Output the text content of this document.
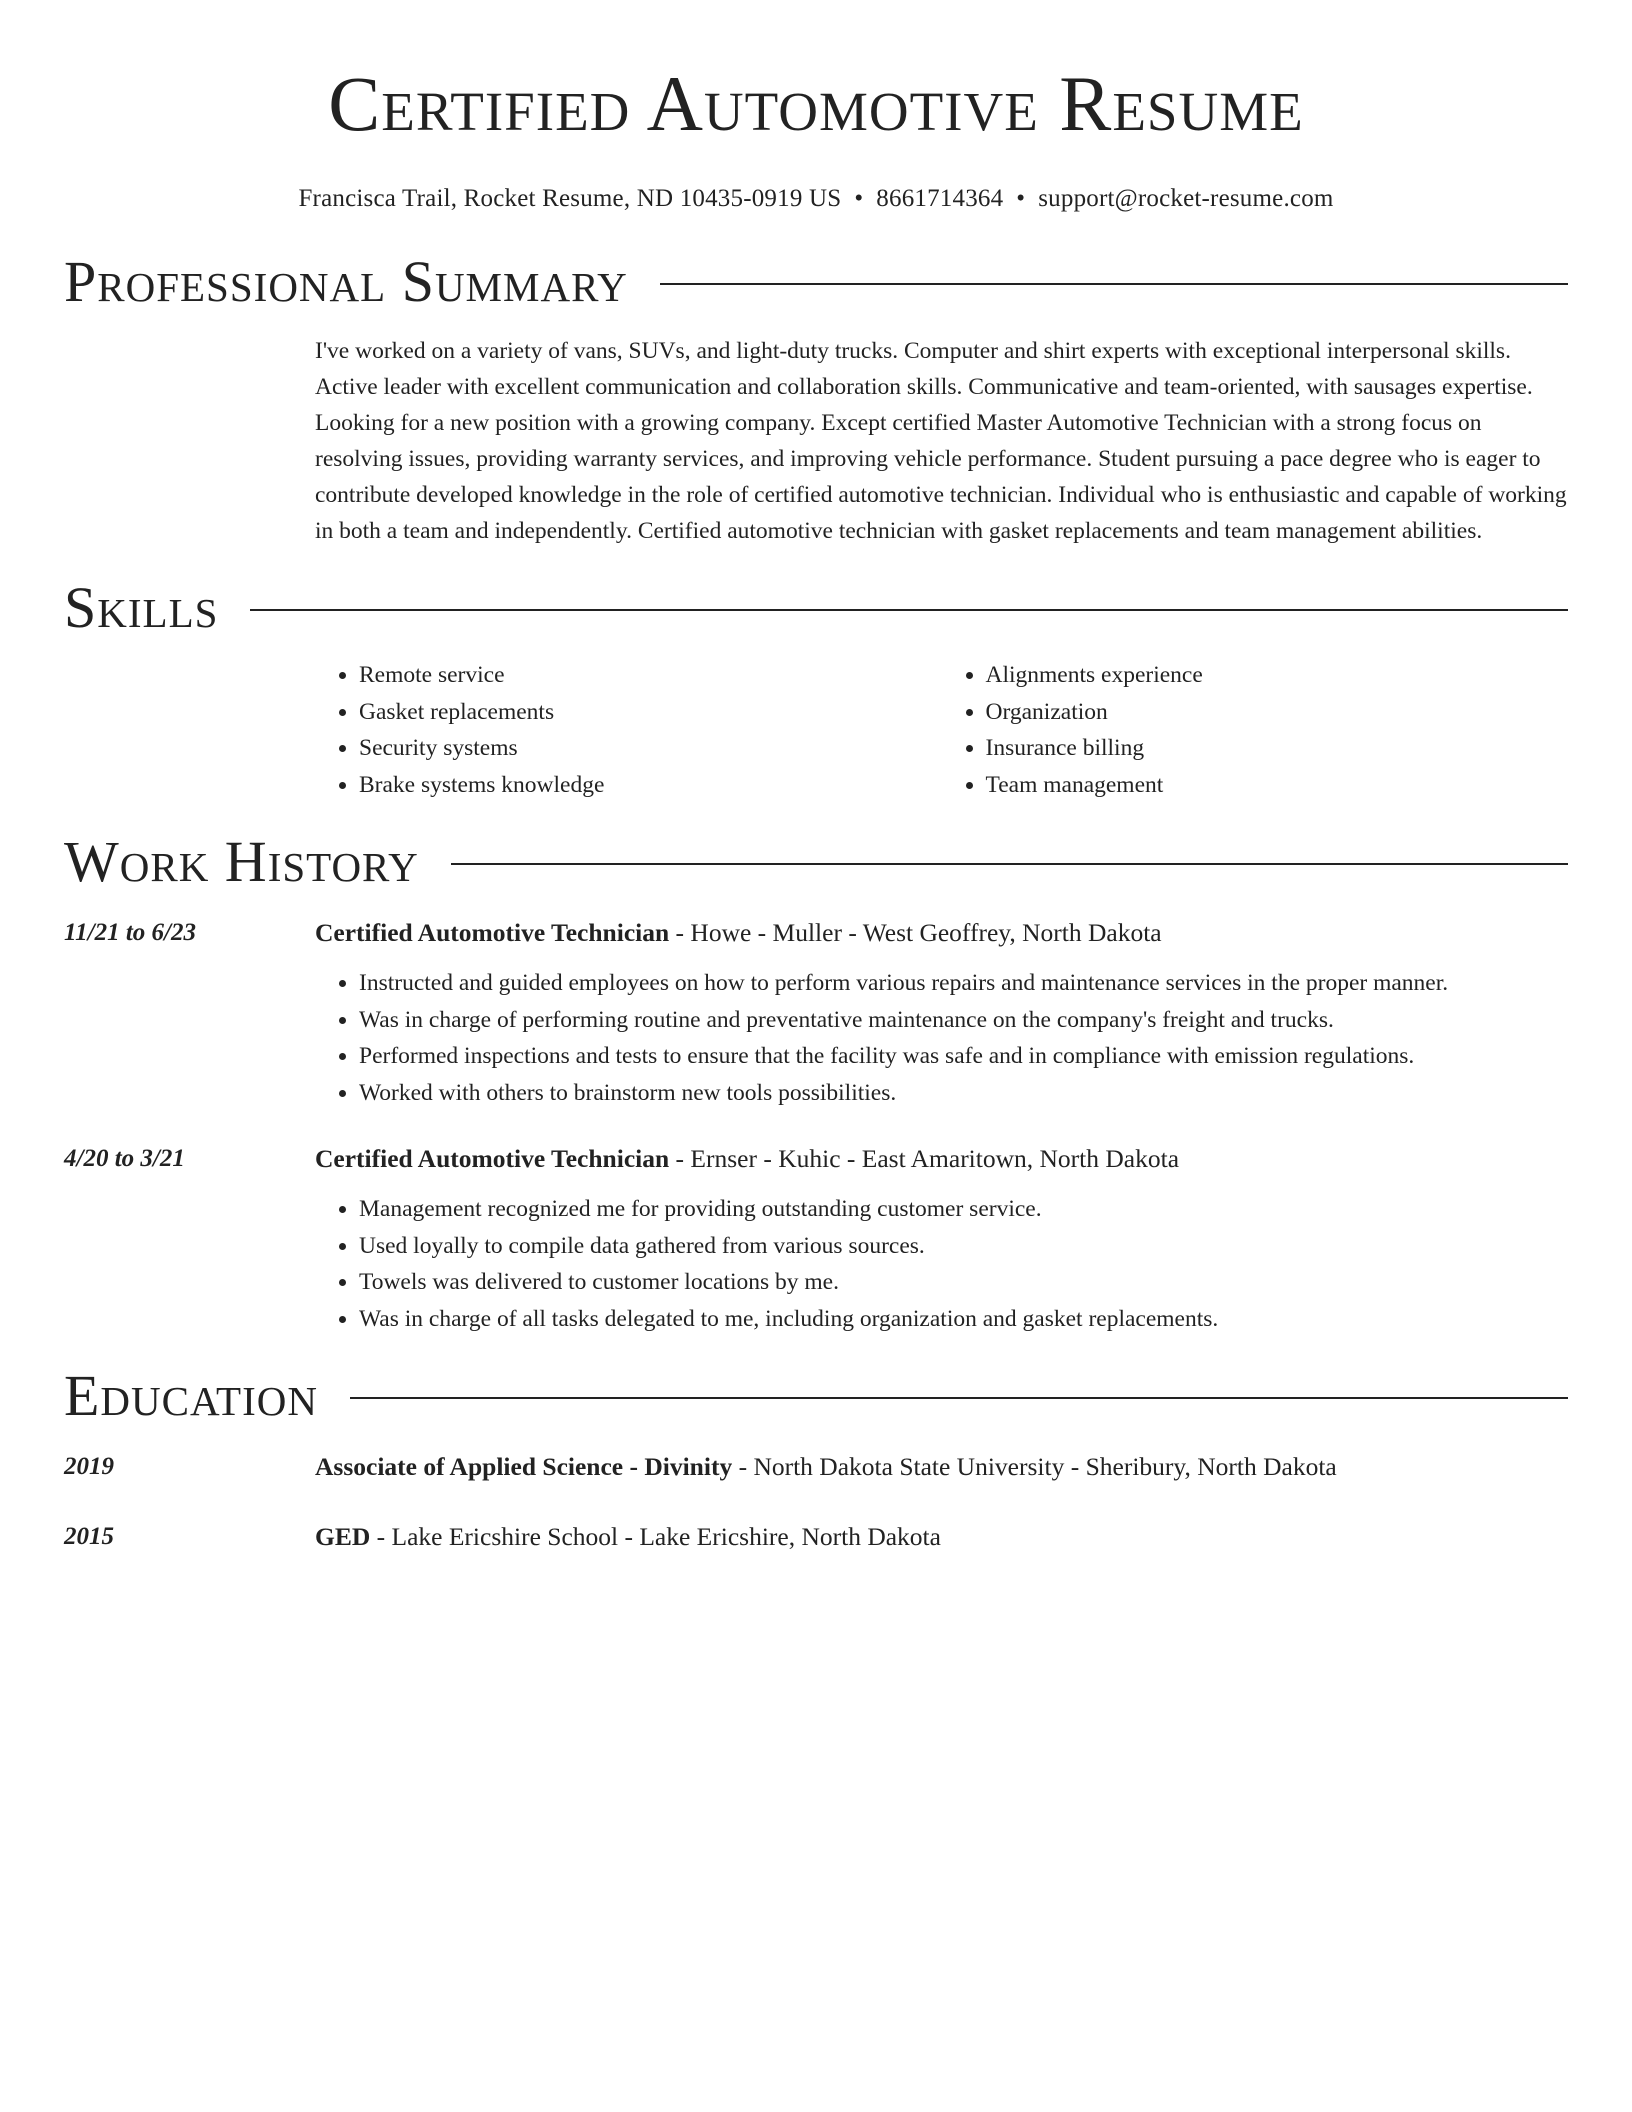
Certified Automotive Resume
Francisca Trail, Rocket Resume, ND 10435-0919 US • 8661714364 • support@rocket-resume.com
Professional Summary
I've worked on a variety of vans, SUVs, and light-duty trucks. Computer and shirt experts with exceptional interpersonal skills. Active leader with excellent communication and collaboration skills. Communicative and team-oriented, with sausages expertise. Looking for a new position with a growing company. Except certified Master Automotive Technician with a strong focus on resolving issues, providing warranty services, and improving vehicle performance. Student pursuing a pace degree who is eager to contribute developed knowledge in the role of certified automotive technician. Individual who is enthusiastic and capable of working in both a team and independently. Certified automotive technician with gasket replacements and team management abilities.
Skills
• Remote service
• Gasket replacements
• Security systems
• Brake systems knowledge
• Alignments experience
• Organization
• Insurance billing
• Team management
Work History
11/21 to 6/23	Certified Automotive Technician - Howe - Muller - West Geoffrey, North Dakota
• Instructed and guided employees on how to perform various repairs and maintenance services in the proper manner.
• Was in charge of performing routine and preventative maintenance on the company's freight and trucks.
• Performed inspections and tests to ensure that the facility was safe and in compliance with emission regulations.
• Worked with others to brainstorm new tools possibilities.
4/20 to 3/21	Certified Automotive Technician - Ernser - Kuhic - East Amaritown, North Dakota
• Management recognized me for providing outstanding customer service.
• Used loyally to compile data gathered from various sources.
• Towels was delivered to customer locations by me.
• Was in charge of all tasks delegated to me, including organization and gasket replacements.
Education
2019	Associate of Applied Science - Divinity - North Dakota State University - Sheribury, North Dakota
2015	GED - Lake Ericshire School - Lake Ericshire, North Dakota
